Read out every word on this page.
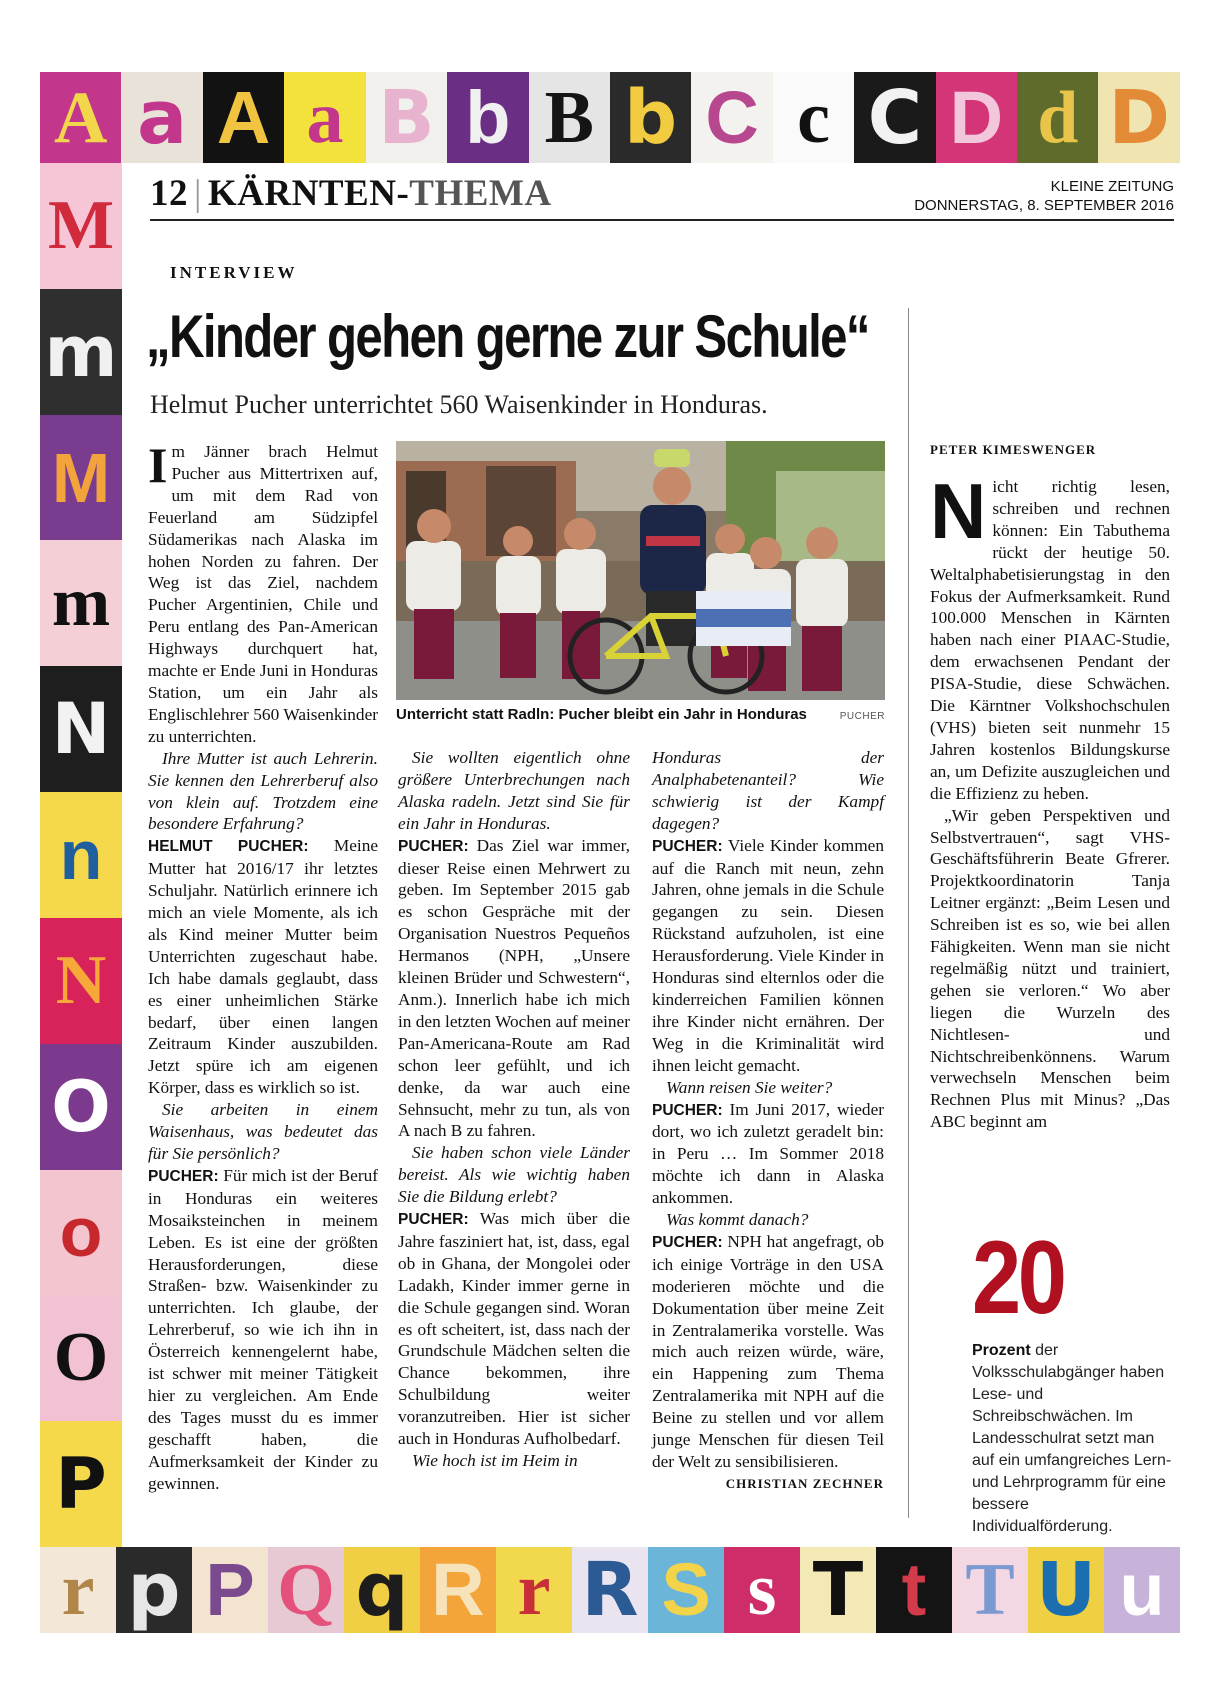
A a A a B b B b C c C D d D
M
m
M
m
N
n
N
O
o
O
P
r p P Q q R r R S s T t T U u
12 | KÄRNTEN-THEMA	KLEINE ZEITUNG
DONNERSTAG, 8. SEPTEMBER 2016
INTERVIEW
„Kinder gehen gerne zur Schule“
Helmut Pucher unterrichtet 560 Waisenkinder in Honduras.

Im Jänner brach Helmut Pucher aus Mittertrixen auf, um mit dem Rad von Feuerland am Südzipfel Südamerikas nach Alaska im hohen Norden zu fahren. Der Weg ist das Ziel, nachdem Pucher Argentinien, Chile und Peru entlang des Pan-American Highways durchquert hat, machte er Ende Juni in Honduras Station, um ein Jahr als Englischlehrer 560 Waisenkinder zu unterrichten.

Ihre Mutter ist auch Lehrerin. Sie kennen den Lehrerberuf also von klein auf. Trotzdem eine besondere Erfahrung?

HELMUT PUCHER: Meine Mutter hat 2016/17 ihr letztes Schuljahr. Natürlich erinnere ich mich an viele Momente, als ich als Kind meiner Mutter beim Unterrichten zugeschaut habe. Ich habe damals geglaubt, dass es einer unheimlichen Stärke bedarf, über einen langen Zeitraum Kinder auszubilden. Jetzt spüre ich am eigenen Körper, dass es wirklich so ist.

Sie arbeiten in einem Waisenhaus, was bedeutet das für Sie persönlich?

PUCHER: Für mich ist der Beruf in Honduras ein weiteres Mosaiksteinchen in meinem Leben. Es ist eine der größten Herausforderungen, diese Straßen- bzw. Waisenkinder zu unterrichten. Ich glaube, der Lehrerberuf, so wie ich ihn in Österreich kennengelernt habe, ist schwer mit meiner Tätigkeit hier zu vergleichen. Am Ende des Tages musst du es immer geschafft haben, die Aufmerksamkeit der Kinder zu gewinnen.

Unterricht statt Radln: Pucher bleibt ein Jahr in Honduras	PUCHER

Sie wollten eigentlich ohne größere Unterbrechungen nach Alaska radeln. Jetzt sind Sie für ein Jahr in Honduras.

PUCHER: Das Ziel war immer, dieser Reise einen Mehrwert zu geben. Im September 2015 gab es schon Gespräche mit der Organisation Nuestros Pequeños Hermanos (NPH, „Unsere kleinen Brüder und Schwestern“, Anm.). Innerlich habe ich mich in den letzten Wochen auf meiner Pan-Americana-Route am Rad schon leer gefühlt, und ich denke, da war auch eine Sehnsucht, mehr zu tun, als von A nach B zu fahren.

Sie haben schon viele Länder bereist. Als wie wichtig haben Sie die Bildung erlebt?

PUCHER: Was mich über die Jahre fasziniert hat, ist, dass, egal ob in Ghana, der Mongolei oder Ladakh, Kinder immer gerne in die Schule gegangen sind. Woran es oft scheitert, ist, dass nach der Grundschule Mädchen selten die Chance bekommen, ihre Schulbildung weiter voranzutreiben. Hier ist sicher auch in Honduras Aufholbedarf.

Wie hoch ist im Heim in

Honduras der Analphabetenanteil? Wie schwierig ist der Kampf dagegen?

PUCHER: Viele Kinder kommen auf die Ranch mit neun, zehn Jahren, ohne jemals in die Schule gegangen zu sein. Diesen Rückstand aufzuholen, ist eine Herausforderung. Viele Kinder in Honduras sind elternlos oder die kinderreichen Familien können ihre Kinder nicht ernähren. Der Weg in die Kriminalität wird ihnen leicht gemacht.

Wann reisen Sie weiter?

PUCHER: Im Juni 2017, wieder dort, wo ich zuletzt geradelt bin: in Peru … Im Sommer 2018 möchte ich dann in Alaska ankommen.

Was kommt danach?

PUCHER: NPH hat angefragt, ob ich einige Vorträge in den USA moderieren möchte und die Dokumentation über meine Zeit in Zentralamerika vorstelle. Was mich auch reizen würde, wäre, ein Happening zum Thema Zentralamerika mit NPH auf die Beine zu stellen und vor allem junge Menschen für diesen Teil der Welt zu sensibilisieren.

CHRISTIAN ZECHNER

PETER KIMESWENGER

Nicht richtig lesen, schreiben und rechnen können: Ein Tabuthema rückt der heutige 50. Weltalphabetisierungstag in den Fokus der Aufmerksamkeit. Rund 100.000 Menschen in Kärnten haben nach einer PIAAC-Studie, dem erwachsenen Pendant der PISA-Studie, diese Schwächen. Die Kärntner Volkshochschulen (VHS) bieten seit nunmehr 15 Jahren kostenlos Bildungskurse an, um Defizite auszugleichen und die Effizienz zu heben.

„Wir geben Perspektiven und Selbstvertrauen“, sagt VHS-Geschäftsführerin Beate Gfrerer. Projektkoordinatorin Tanja Leitner ergänzt: „Beim Lesen und Schreiben ist es so, wie bei allen Fähigkeiten. Wenn man sie nicht regelmäßig nützt und trainiert, gehen sie verloren.“ Wo aber liegen die Wurzeln des Nichtlesen- und Nichtschreibenkönnens. Warum verwechseln Menschen beim Rechnen Plus mit Minus? „Das ABC beginnt am

20
Prozent der Volksschulabgänger haben Lese- und Schreibschwächen. Im Landesschulrat setzt man auf ein umfangreiches Lern- und Lehrprogramm für eine bessere Individualförderung.
